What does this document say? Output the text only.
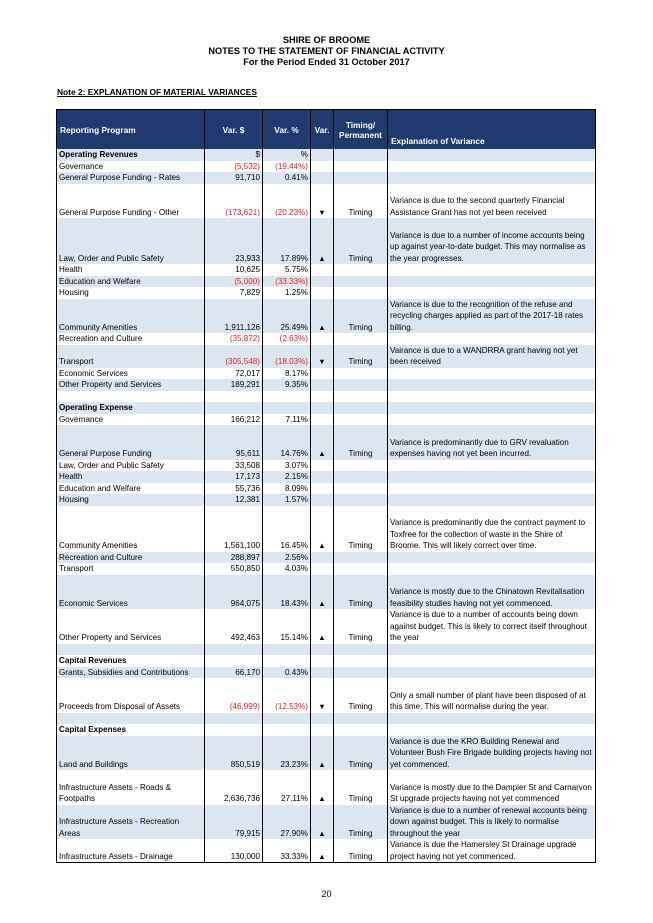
SHIRE OF BROOME
NOTES TO THE STATEMENT OF FINANCIAL ACTIVITY
For the Period Ended 31 October 2017
Note 2: EXPLANATION OF MATERIAL VARIANCES
Reporting Program	Var. $	Var. %	Var.	Timing/ Permanent	Explanation of Variance
Operating Revenues	$	%			
Governance	(5,532)	(19.44%)			
General Purpose Funding - Rates	91,710	0.41%			
General Purpose Funding - Other	(173,621)	(20.23%)	▼	Timing	Variance is due to the second quarterly Financial Assistance Grant has not yet been received
Law, Order and Public Safety	23,933	17.89%	▲	Timing	Variance is due to a number of income accounts being up against year-to-date budget. This may normalise as the year progresses.
Health	10,625	5.75%			
Education and Welfare	(5,000)	(33.33%)			
Housing	7,829	1.25%			
Community Amenities	1,911,126	25.49%	▲	Timing	Variance is due to the recognition of the refuse and recycling charges applied as part of the 2017-18 rates billing.
Recreation and Culture	(35,872)	(2.63%)			
Transport	(305,548)	(18.03%)	▼	Timing	Vairance is due to a WANDRRA grant having not yet been received
Economic Services	72,017	8.17%			
Other Property and Services	189,291	9.35%			

Operating Expense					
Governance	166,212	7.11%			
General Purpose Funding	95,611	14.76%	▲	Timing	Variance is predominantly due to GRV revaluation expenses having not yet been incurred.
Law, Order and Public Safety	33,508	3.07%			
Health	17,173	2.15%			
Education and Welfare	55,736	8.09%			
Housing	12,381	1.57%			
Community Amenities	1,561,100	16.45%	▲	Timing	Variance is predominantly due the contract payment to Toxfree for the collection of waste in the Shire of Broome. This will likely correct over time.
Recreation and Culture	288,897	2.56%			
Transport	550,850	4.03%			
Economic Services	964,075	18.43%	▲	Timing	Variance is mostly due to the Chinatown Revitalisation feasibility studies having not yet commenced.
Other Property and Services	492,463	15.14%	▲	Timing	Variance is due to a number of accounts being down against budget. This is likely to correct itself throughout the year

Capital Revenues					
Grants, Subsidies and Contributions	66,170	0.43%			
Proceeds from Disposal of Assets	(46,999)	(12.53%)	▼	Timing	Only a small number of plant have been disposed of at this time. This will normalise during the year.

Capital Expenses					
Land and Buildings	850,519	23.23%	▲	Timing	Variance is due the KRO Building Renewal and Volunteer Bush Fire Brigade building projects having not yet commenced.
Infrastructure Assets - Roads & Footpaths	2,636,736	27.11%	▲	Timing	Variance is mostly due to the Dampier St and Carnarvon St upgrade projects having not yet commenced
Infrastructure Assets - Recreation Areas	79,915	27.90%	▲	Timing	Variance is due to a number of renewal accounts being down against budget. This is likely to normalise throughout the year
Infrastructure Assets - Drainage	130,000	33.33%	▲	Timing	Variance is due the Hamersley St Drainage upgrade project having not yet commenced.
20
